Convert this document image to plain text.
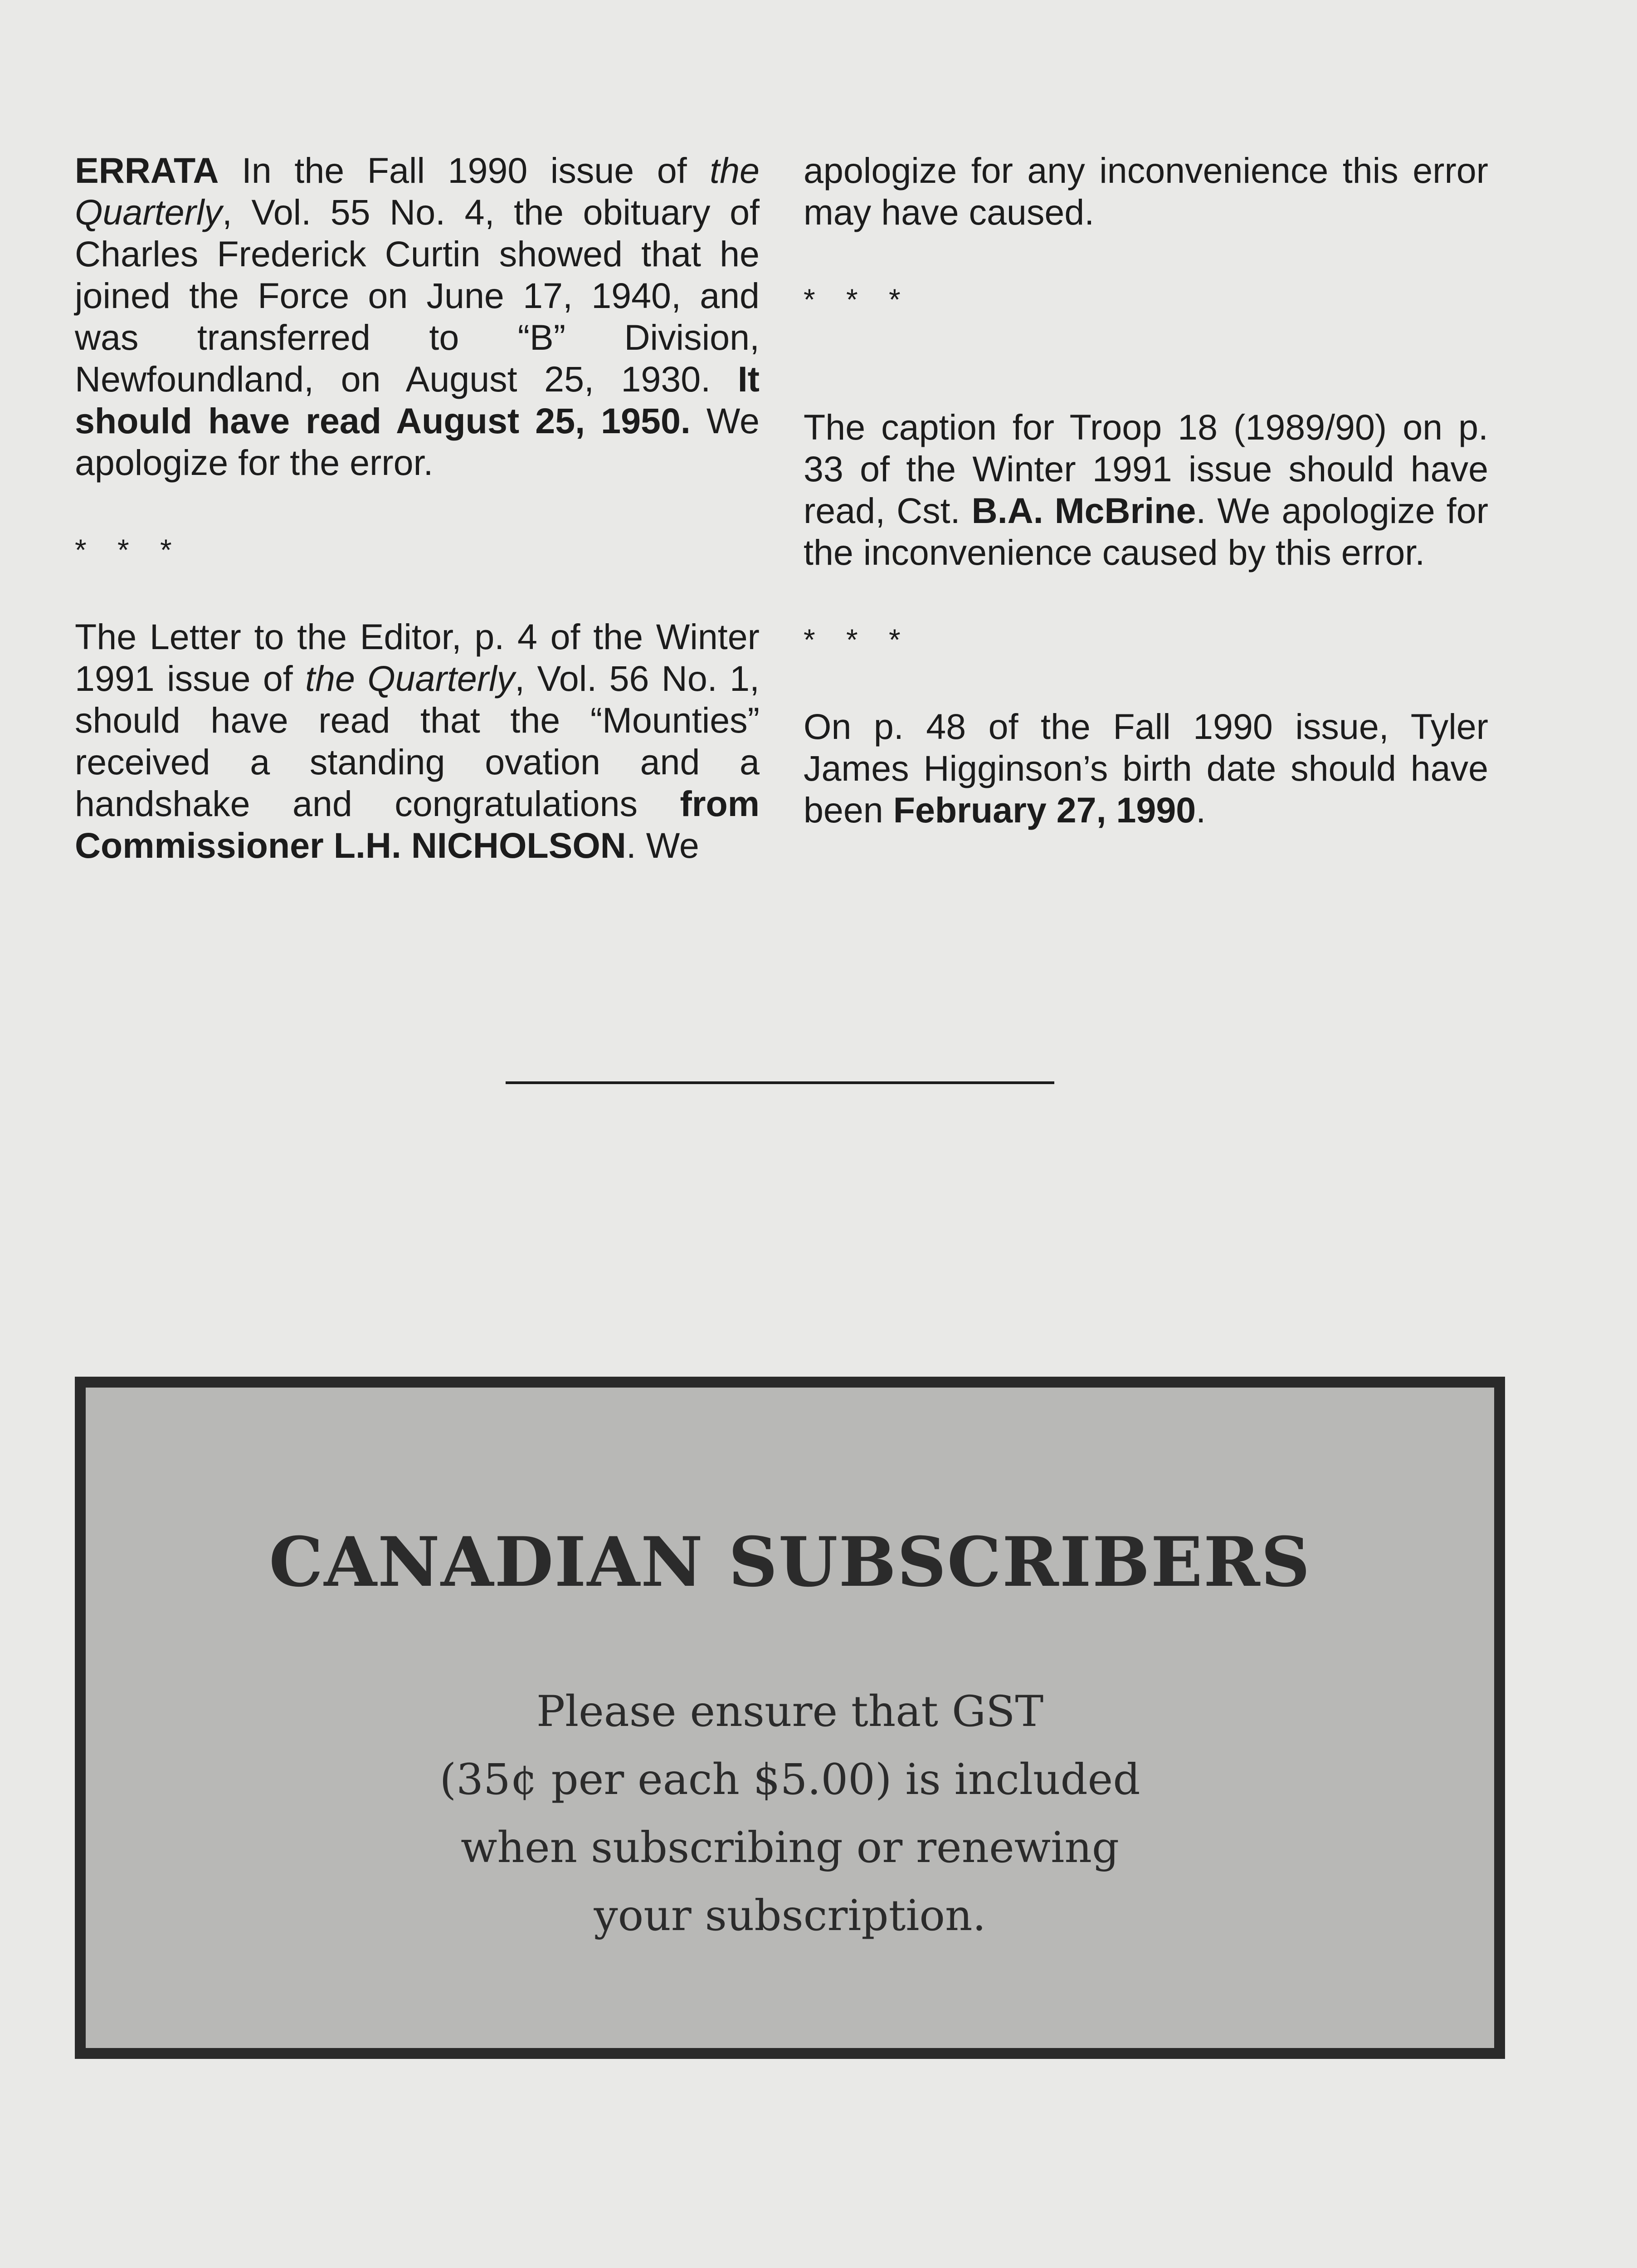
ERRATA In the Fall 1990 issue of the Quarterly, Vol. 55 No. 4, the obituary of Charles Frederick Curtin showed that he joined the Force on June 17, 1940, and was transferred to “B” Division, Newfoundland, on August 25, 1930. It should have read August 25, 1950. We apologize for the error.

* * *

The Letter to the Editor, p. 4 of the Winter 1991 issue of the Quarterly, Vol. 56 No. 1, should have read that the “Mounties” received a standing ovation and a handshake and congratulations from Commissioner L.H. NICHOLSON. We

apologize for any inconvenience this error may have caused.

* * *

The caption for Troop 18 (1989/90) on p. 33 of the Winter 1991 issue should have read, Cst. B.A. McBrine. We apologize for the inconvenience caused by this error.

* * *

On p. 48 of the Fall 1990 issue, Tyler James Higginson’s birth date should have been February 27, 1990.

CANADIAN SUBSCRIBERS
Please ensure that GST
(35¢ per each $5.00) is included
when subscribing or renewing
your subscription.
